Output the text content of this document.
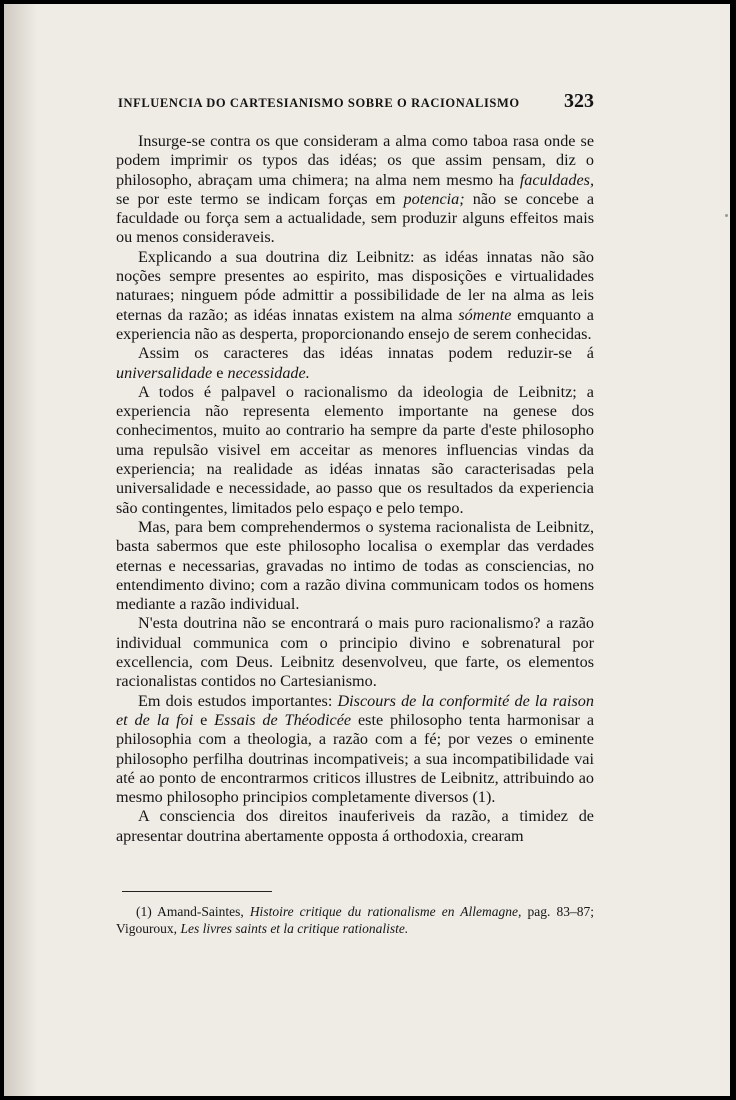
INFLUENCIA DO CARTESIANISMO SOBRE O RACIONALISMO 323

Insurge-se contra os que consideram a alma como taboa rasa onde se podem imprimir os typos das idéas; os que assim pensam, diz o philosopho, abraçam uma chimera; na alma nem mesmo ha faculdades, se por este termo se indicam forças em potencia; não se concebe a faculdade ou força sem a actualidade, sem produzir alguns effeitos mais ou menos consideraveis.

Explicando a sua doutrina diz Leibnitz: as idéas innatas não são noções sempre presentes ao espirito, mas disposições e virtualidades naturaes; ninguem póde admittir a possibilidade de ler na alma as leis eternas da razão; as idéas innatas existem na alma sómente emquanto a experiencia não as desperta, proporcionando ensejo de serem conhecidas.

Assim os caracteres das idéas innatas podem reduzir-se á universalidade e necessidade.

A todos é palpavel o racionalismo da ideologia de Leibnitz; a experiencia não representa elemento importante na genese dos conhecimentos, muito ao contrario ha sempre da parte d'este philosopho uma repulsão visivel em acceitar as menores influencias vindas da experiencia; na realidade as idéas innatas são caracterisadas pela universalidade e necessidade, ao passo que os resultados da experiencia são contingentes, limitados pelo espaço e pelo tempo.

Mas, para bem comprehendermos o systema racionalista de Leibnitz, basta sabermos que este philosopho localisa o exemplar das verdades eternas e necessarias, gravadas no intimo de todas as consciencias, no entendimento divino; com a razão divina communicam todos os homens mediante a razão individual.

N'esta doutrina não se encontrará o mais puro racionalismo? a razão individual communica com o principio divino e sobrenatural por excellencia, com Deus. Leibnitz desenvolveu, que farte, os elementos racionalistas contidos no Cartesianismo.

Em dois estudos importantes: Discours de la conformité de la raison et de la foi e Essais de Théodicée este philosopho tenta harmonisar a philosophia com a theologia, a razão com a fé; por vezes o eminente philosopho perfilha doutrinas incompativeis; a sua incompatibilidade vai até ao ponto de encontrarmos criticos illustres de Leibnitz, attribuindo ao mesmo philosopho principios completamente diversos (1).

A consciencia dos direitos inauferiveis da razão, a timidez de apresentar doutrina abertamente opposta á orthodoxia, crearam

(1) Amand-Saintes, Histoire critique du rationalisme en Allemagne, pag. 83–87; Vigouroux, Les livres saints et la critique rationaliste.
